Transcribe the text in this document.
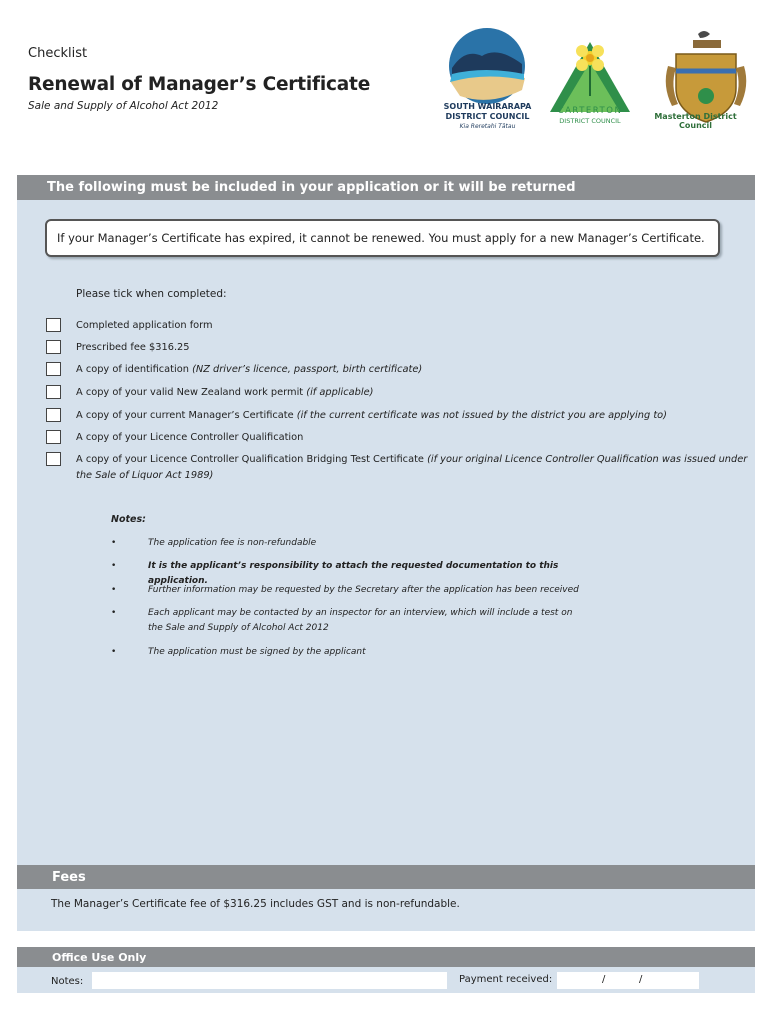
Checklist
Renewal of Manager’s Certificate
Sale and Supply of Alcohol Act 2012	SOUTH WAIRARAPA
DISTRICT COUNCIL
Kia Reretahi Tātau
CARTERTON
DISTRICT COUNCIL	Masterton District Council
The following must be included in your application or it will be returned
If your Manager’s Certificate has expired, it cannot be renewed. You must apply for a new Manager’s Certificate.
Please tick when completed:
Completed application form
Prescribed fee $316.25
A copy of identification (NZ driver’s licence, passport, birth certificate)
A copy of your valid New Zealand work permit (if applicable)
A copy of your current Manager’s Certificate (if the current certificate was not issued by the district you are applying to)
A copy of your Licence Controller Qualification
A copy of your Licence Controller Qualification Bridging Test Certificate (if your original Licence Controller Qualification was issued under the Sale of Liquor Act 1989)
Notes:
•	The application fee is non-refundable
•	It is the applicant’s responsibility to attach the requested documentation to this application.
•	Further information may be requested by the Secretary after the application has been received
•	Each applicant may be contacted by an inspector for an interview, which will include a test on the Sale and Supply of Alcohol Act 2012
•	The application must be signed by the applicant
Fees
The Manager’s Certificate fee of $316.25 includes GST and is non-refundable.
Office Use Only
Notes:	Payment received:	/	/
